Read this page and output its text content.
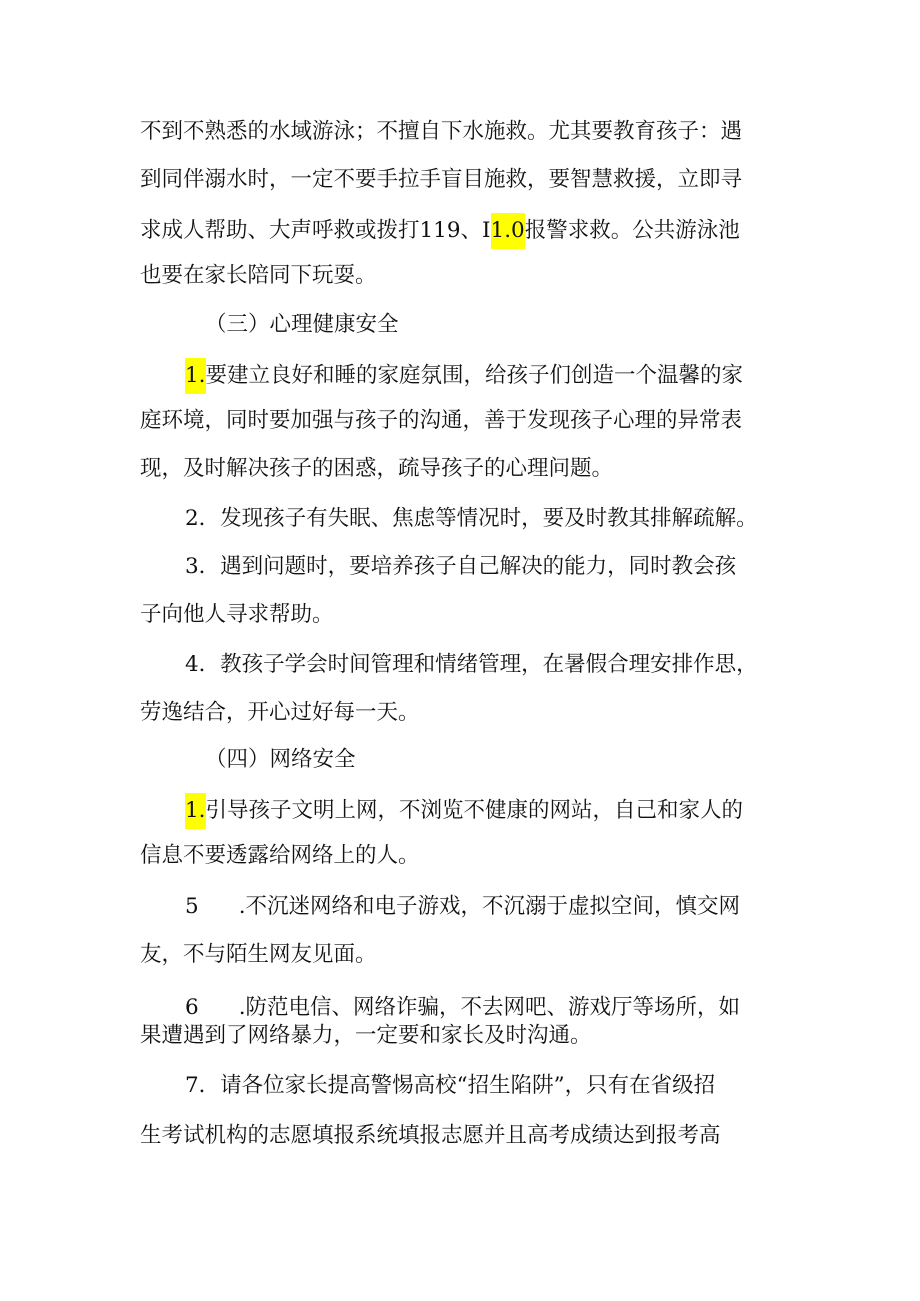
不到不熟悉的水域游泳；不擅自下水施救。尤其要教育孩子：遇
到同伴溺水时，一定不要手拉手盲目施救，要智慧救援，立即寻
求成人帮助、大声呼救或拨打119、I1.0报警求救。公共游泳池
也要在家长陪同下玩耍。
（三）心理健康安全
1.要建立良好和睡的家庭氛围，给孩子们创造一个温馨的家
庭环境，同时要加强与孩子的沟通，善于发现孩子心理的异常表
现，及时解决孩子的困惑，疏导孩子的心理问题。
2．发现孩子有失眠、焦虑等情况时，要及时教其排解疏解。
3．遇到问题时，要培养孩子自己解决的能力，同时教会孩
子向他人寻求帮助。
4．教孩子学会时间管理和情绪管理，在暑假合理安排作思，
劳逸结合，开心过好每一天。
（四）网络安全
1.引导孩子文明上网，不浏览不健康的网站，自己和家人的
信息不要透露给网络上的人。
5 .不沉迷网络和电子游戏，不沉溺于虚拟空间，慎交网
友，不与陌生网友见面。
6 .防范电信、网络诈骗，不去网吧、游戏厅等场所，如
果遭遇到了网络暴力，一定要和家长及时沟通。
7．请各位家长提高警惕高校“招生陷阱”，只有在省级招
生考试机构的志愿填报系统填报志愿并且高考成绩达到报考高
